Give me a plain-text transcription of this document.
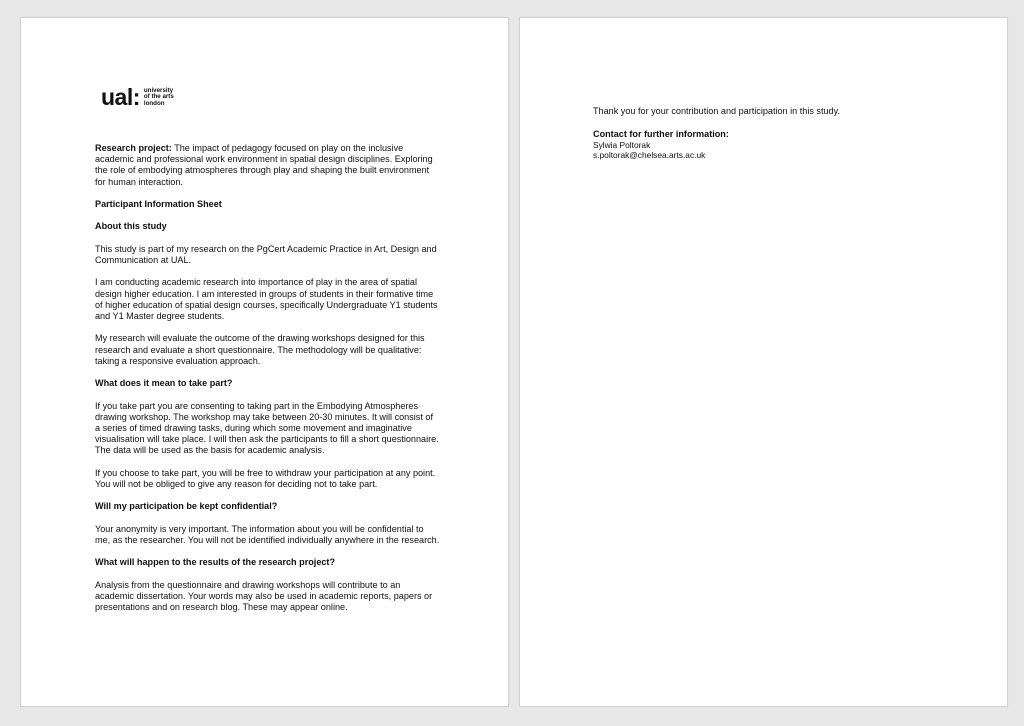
ual: university
of the arts
london

Research project: The impact of pedagogy focused on play on the inclusive academic and professional work environment in spatial design disciplines. Exploring the role of embodying atmospheres through play and shaping the built environment for human interaction.

Participant Information Sheet

About this study

This study is part of my research on the PgCert Academic Practice in Art, Design and Communication at UAL.

I am conducting academic research into importance of play in the area of spatial design higher education. I am interested in groups of students in their formative time of higher education of spatial design courses, specifically Undergraduate Y1 students and Y1 Master degree students.

My research will evaluate the outcome of the drawing workshops designed for this research and evaluate a short questionnaire. The methodology will be qualitative: taking a responsive evaluation approach.

What does it mean to take part?

If you take part you are consenting to taking part in the Embodying Atmospheres drawing workshop. The workshop may take between 20-30 minutes. It will consist of a series of timed drawing tasks, during which some movement and imaginative visualisation will take place. I will then ask the participants to fill a short questionnaire. The data will be used as the basis for academic analysis.

If you choose to take part, you will be free to withdraw your participation at any point. You will not be obliged to give any reason for deciding not to take part.

Will my participation be kept confidential?

Your anonymity is very important. The information about you will be confidential to me, as the researcher. You will not be identified individually anywhere in the research.

What will happen to the results of the research project?

Analysis from the questionnaire and drawing workshops will contribute to an academic dissertation. Your words may also be used in academic reports, papers or presentations and on research blog. These may appear online.

Thank you for your contribution and participation in this study.

Contact for further information:

Sylwia Poltorak

s.poltorak@chelsea.arts.ac.uk
